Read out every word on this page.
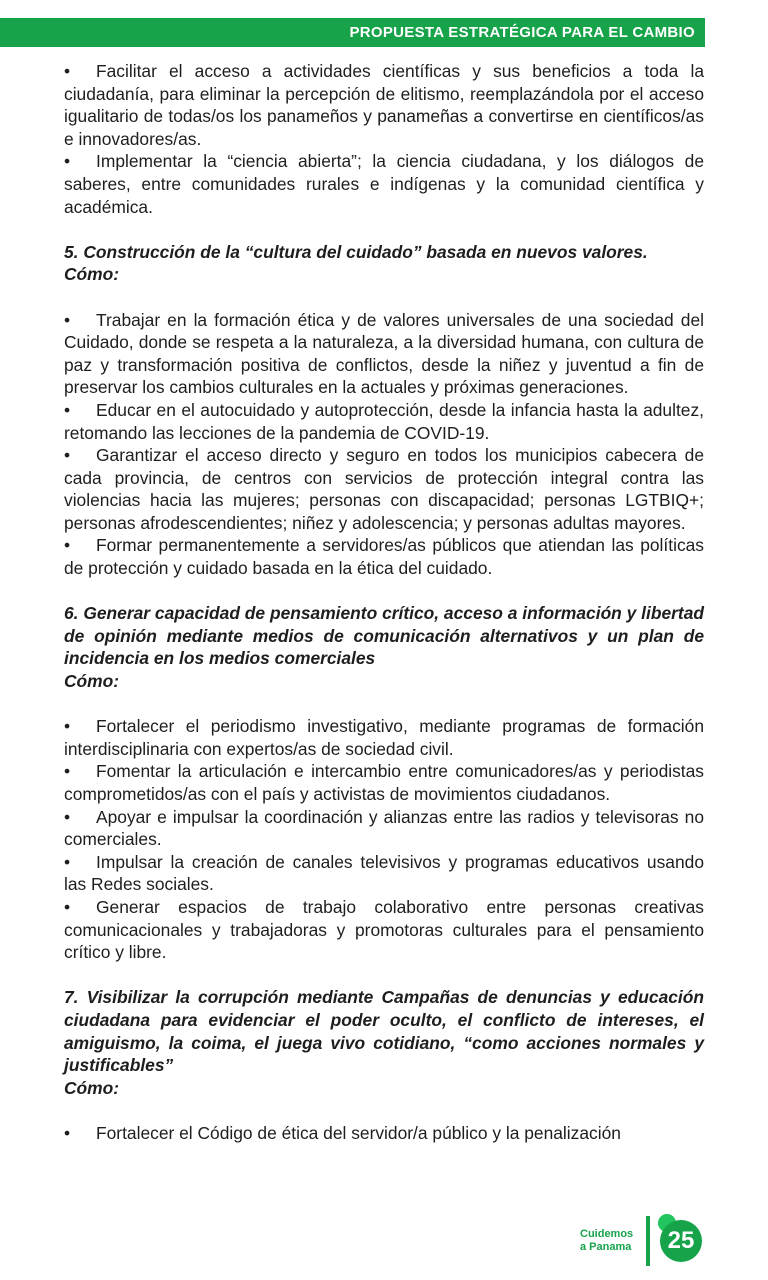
PROPUESTA ESTRATÉGICA PARA EL CAMBIO

• Facilitar el acceso a actividades científicas y sus beneficios a toda la ciudadanía, para eliminar la percepción de elitismo, reemplazándola por el acceso igualitario de todas/os los panameños y panameñas a convertirse en científicos/as e innovadores/as.

• Implementar la “ciencia abierta”; la ciencia ciudadana, y los diálogos de saberes, entre comunidades rurales e indígenas y la comunidad científica y académica.

5. Construcción de la “cultura del cuidado” basada en nuevos valores.

Cómo:

• Trabajar en la formación ética y de valores universales de una sociedad del Cuidado, donde se respeta a la naturaleza, a la diversidad humana, con cultura de paz y transformación positiva de conflictos, desde la niñez y juventud a fin de preservar los cambios culturales en la actuales y próximas generaciones.

• Educar en el autocuidado y autoprotección, desde la infancia hasta la adultez, retomando las lecciones de la pandemia de COVID-19.

• Garantizar el acceso directo y seguro en todos los municipios cabecera de cada provincia, de centros con servicios de protección integral contra las violencias hacia las mujeres; personas con discapacidad; personas LGTBIQ+; personas afrodescendientes; niñez y adolescencia; y personas adultas mayores.

• Formar permanentemente a servidores/as públicos que atiendan las políticas de protección y cuidado basada en la ética del cuidado.

6. Generar capacidad de pensamiento crítico, acceso a información y libertad de opinión mediante medios de comunicación alternativos y un plan de incidencia en los medios comerciales

Cómo:

• Fortalecer el periodismo investigativo, mediante programas de formación interdisciplinaria con expertos/as de sociedad civil.

• Fomentar la articulación e intercambio entre comunicadores/as y periodistas comprometidos/as con el país y activistas de movimientos ciudadanos.

• Apoyar e impulsar la coordinación y alianzas entre las radios y televisoras no comerciales.

• Impulsar la creación de canales televisivos y programas educativos usando las Redes sociales.

• Generar espacios de trabajo colaborativo entre personas creativas comunicacionales y trabajadoras y promotoras culturales para el pensamiento crítico y libre.

7. Visibilizar la corrupción mediante Campañas de denuncias y educación ciudadana para evidenciar el poder oculto, el conflicto de intereses, el amiguismo, la coima, el juega vivo cotidiano, “como acciones normales y justificables”

Cómo:

• Fortalecer el Código de ética del servidor/a público y la penalización

Cuidemos
a Panama	25
